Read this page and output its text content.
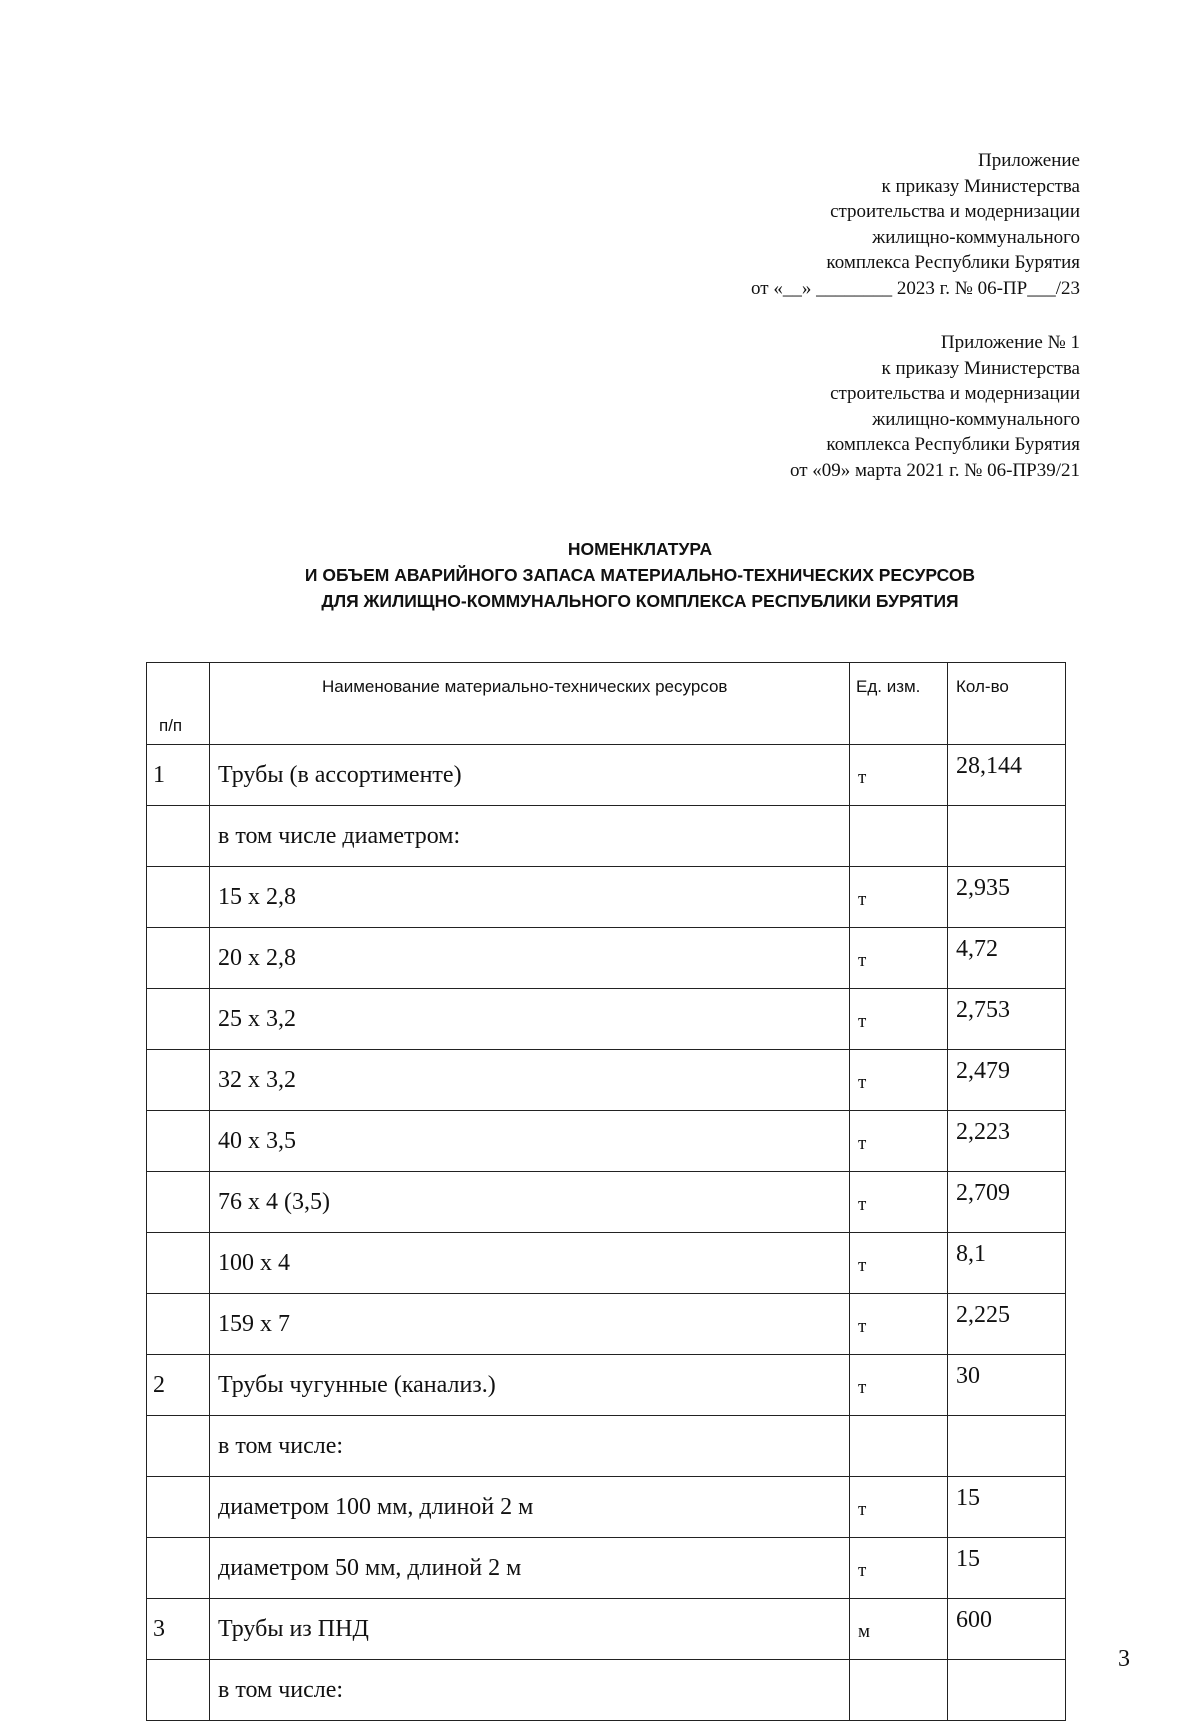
Приложение
к приказу Министерства
строительства и модернизации
жилищно-коммунального
комплекса Республики Бурятия
от «__» ________ 2023 г. № 06-ПР___/23
Приложение № 1
к приказу Министерства
строительства и модернизации
жилищно-коммунального
комплекса Республики Бурятия
от «09» марта 2021 г. № 06-ПР39/21
НОМЕНКЛАТУРА
И ОБЪЕМ АВАРИЙНОГО ЗАПАСА МАТЕРИАЛЬНО-ТЕХНИЧЕСКИХ РЕСУРСОВ
ДЛЯ ЖИЛИЩНО-КОММУНАЛЬНОГО КОМПЛЕКСА РЕСПУБЛИКИ БУРЯТИЯ
п/п	Наименование материально-технических ресурсов	Ед. изм.	Кол-во
1	Трубы (в ассортименте)	т	28,144
	в том числе диаметром:		
	15 x 2,8	т	2,935
	20 x 2,8	т	4,72
	25 x 3,2	т	2,753
	32 x 3,2	т	2,479
	40 x 3,5	т	2,223
	76 x 4 (3,5)	т	2,709
	100 x 4	т	8,1
	159 x 7	т	2,225
2	Трубы чугунные (канализ.)	т	30
	в том числе:		
	диаметром 100 мм, длиной 2 м	т	15
	диаметром 50 мм, длиной 2 м	т	15
3	Трубы из ПНД	м	600
	в том числе:		
3
